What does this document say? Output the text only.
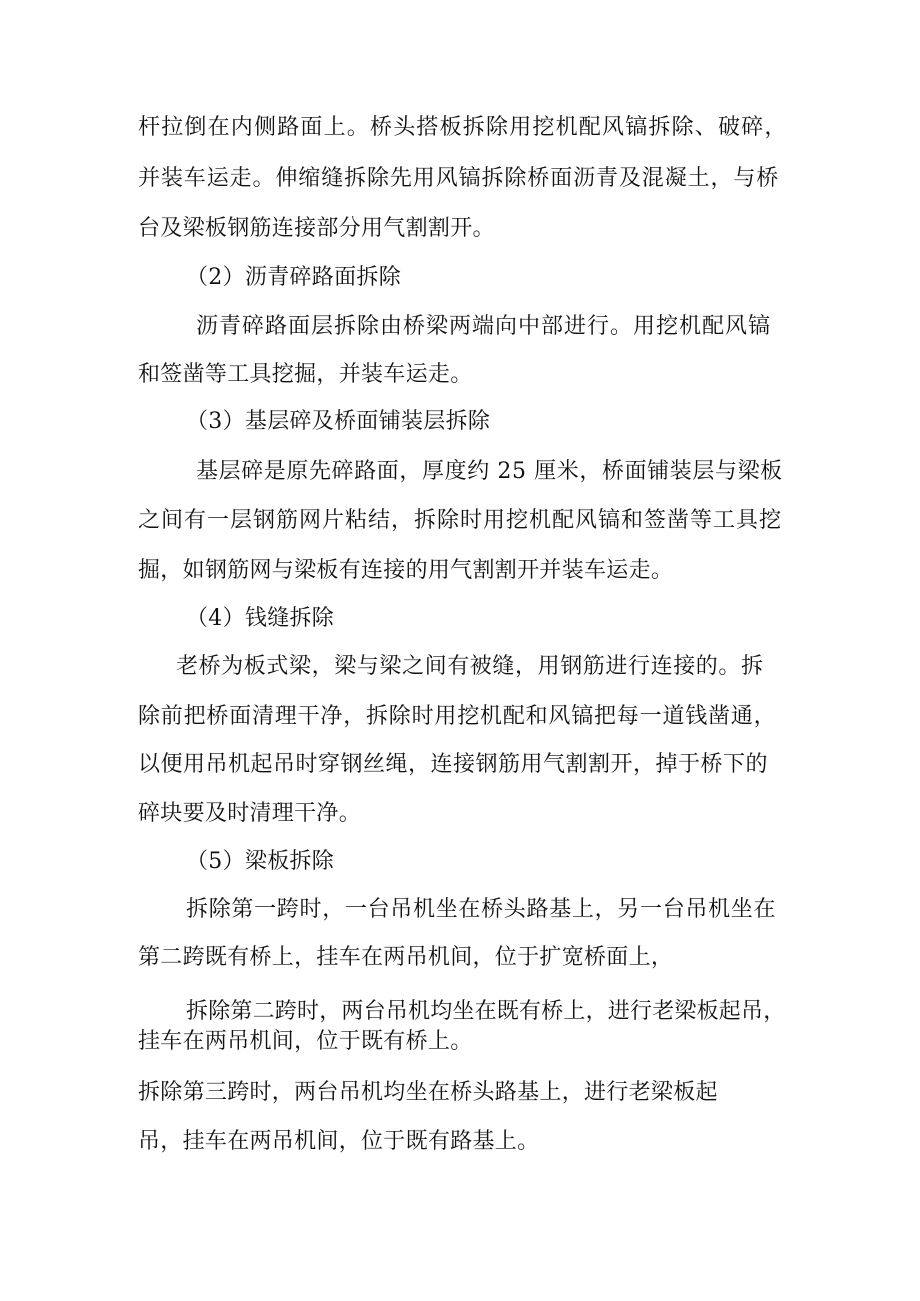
杆拉倒在内侧路面上。桥头搭板拆除用挖机配风镐拆除、破碎，
并装车运走。伸缩缝拆除先用风镐拆除桥面沥青及混凝土，与桥
台及梁板钢筋连接部分用气割割开。
（2）沥青碎路面拆除
沥青碎路面层拆除由桥梁两端向中部进行。用挖机配风镐
和签凿等工具挖掘，并装车运走。
（3）基层碎及桥面铺装层拆除
基层碎是原先碎路面，厚度约 25 厘米，桥面铺装层与梁板
之间有一层钢筋网片粘结，拆除时用挖机配风镐和签凿等工具挖
掘，如钢筋网与梁板有连接的用气割割开并装车运走。
（4）钱缝拆除
老桥为板式梁，梁与梁之间有被缝，用钢筋进行连接的。拆
除前把桥面清理干净，拆除时用挖机配和风镐把每一道钱凿通，
以便用吊机起吊时穿钢丝绳，连接钢筋用气割割开，掉于桥下的
碎块要及时清理干净。
（5）梁板拆除
拆除第一跨时，一台吊机坐在桥头路基上，另一台吊机坐在
第二跨既有桥上，挂车在两吊机间，位于扩宽桥面上，
拆除第二跨时，两台吊机均坐在既有桥上，进行老梁板起吊，
挂车在两吊机间，位于既有桥上。
拆除第三跨时，两台吊机均坐在桥头路基上，进行老梁板起
吊，挂车在两吊机间，位于既有路基上。
